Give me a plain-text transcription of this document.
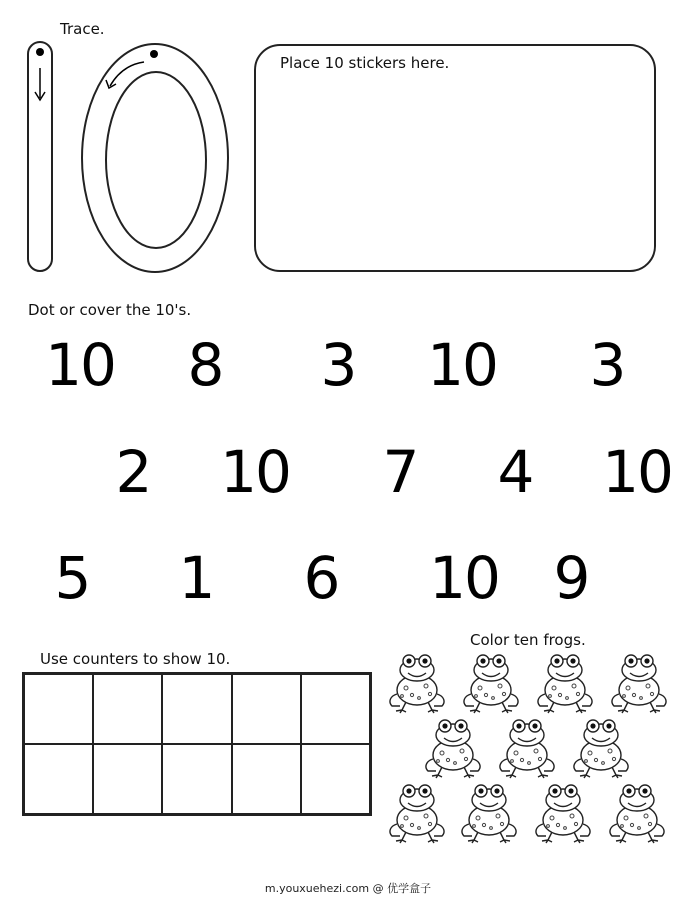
Trace.
Place 10 stickers here.
Dot or cover the 10's.
10	8	3	10	3
2	10	7	4	10
5	1	6	10 9
Use counters to show 10.
Color ten frogs.
m.youxuehezi.com @ 优学盒子
